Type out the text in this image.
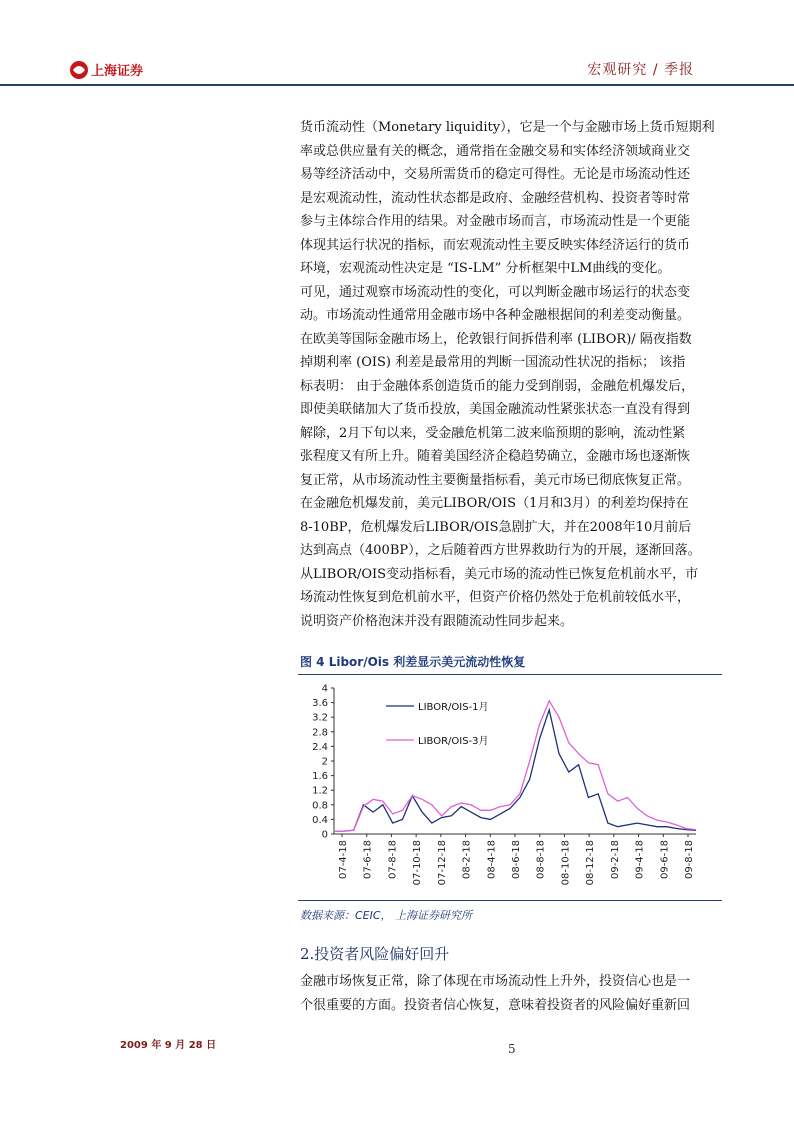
上海证券	宏观研究 / 季报
货币流动性（Monetary liquidity），它是一个与金融市场上货币短期利
率或总供应量有关的概念，通常指在金融交易和实体经济领域商业交
易等经济活动中，交易所需货币的稳定可得性。无论是市场流动性还
是宏观流动性，流动性状态都是政府、金融经营机构、投资者等时常
参与主体综合作用的结果。对金融市场而言，市场流动性是一个更能
体现其运行状况的指标，而宏观流动性主要反映实体经济运行的货币
环境，宏观流动性决定是 “IS-LM” 分析框架中LM曲线的变化。
可见，通过观察市场流动性的变化，可以判断金融市场运行的状态变
动。市场流动性通常用金融市场中各种金融根据间的利差变动衡量。
在欧美等国际金融市场上，伦敦银行间拆借利率 (LIBOR)/ 隔夜指数
掉期利率 (OIS) 利差是最常用的判断一国流动性状况的指标； 该指
标表明： 由于金融体系创造货币的能力受到削弱，金融危机爆发后，
即使美联储加大了货币投放，美国金融流动性紧张状态一直没有得到
解除，2月下旬以来，受金融危机第二波来临预期的影响，流动性紧
张程度又有所上升。随着美国经济企稳趋势确立，金融市场也逐渐恢
复正常，从市场流动性主要衡量指标看，美元市场已彻底恢复正常。
在金融危机爆发前，美元LIBOR/OIS（1月和3月）的利差均保持在
8-10BP，危机爆发后LIBOR/OIS急剧扩大，并在2008年10月前后
达到高点（400BP），之后随着西方世界救助行为的开展，逐渐回落。
从LIBOR/OIS变动指标看，美元市场的流动性已恢复危机前水平，市
场流动性恢复到危机前水平，但资产价格仍然处于危机前较低水平，
说明资产价格泡沫并没有跟随流动性同步起来。
图 4 Libor/Ois 利差显示美元流动性恢复
0
0.4
0.8
1.2
1.6
2
2.4
2.8
3.2
3.6
4
07-4-18 07-6-18 07-8-18 07-10-18 07-12-18 08-2-18 08-4-18 08-6-18 08-8-18 08-10-18 08-12-18 09-2-18 09-4-18 09-6-18 09-8-18
LIBOR/OIS-1月
LIBOR/OIS-3月
数据来源：CEIC， 上海证券研究所
2.投资者风险偏好回升
金融市场恢复正常，除了体现在市场流动性上升外，投资信心也是一
个很重要的方面。投资者信心恢复，意味着投资者的风险偏好重新回
2009 年 9 月 28 日	5
